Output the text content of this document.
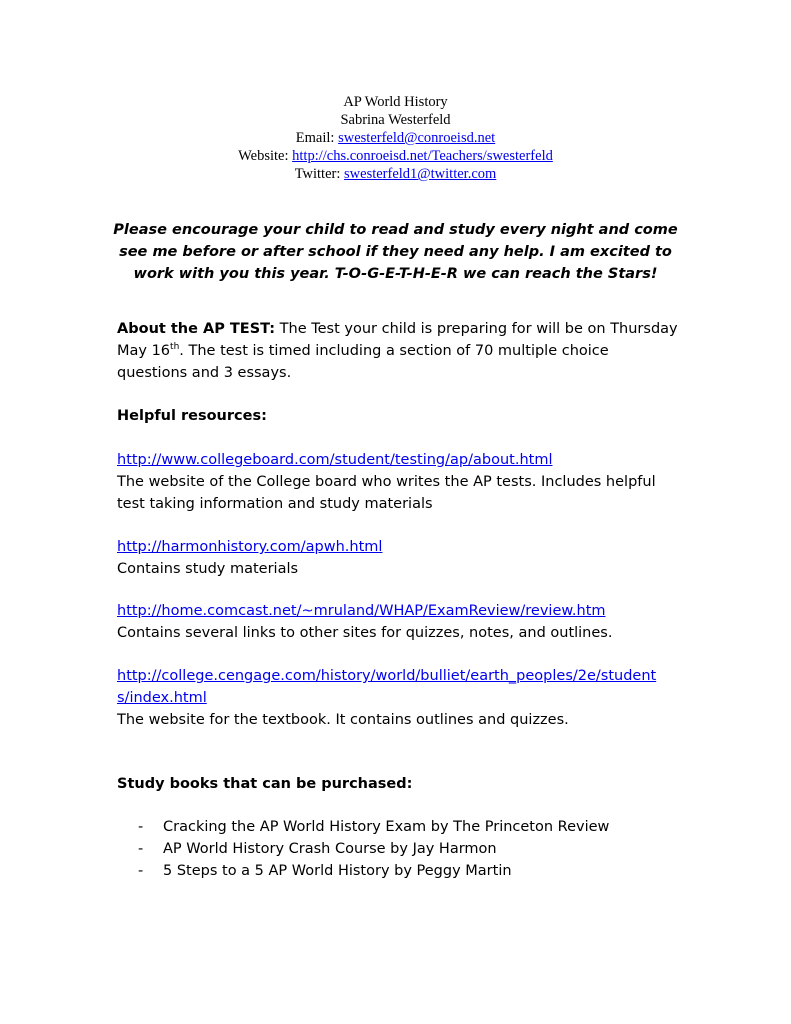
AP World History
Sabrina Westerfeld
Email: swesterfeld@conroeisd.net
Website: http://chs.conroeisd.net/Teachers/swesterfeld
Twitter: swesterfeld1@twitter.com
Please encourage your child to read and study every night and come see me before or after school if they need any help. I am excited to work with you this year. T-O-G-E-T-H-E-R we can reach the Stars!
About the AP TEST: The Test your child is preparing for will be on Thursday May 16th. The test is timed including a section of 70 multiple choice questions and 3 essays.
Helpful resources:
http://www.collegeboard.com/student/testing/ap/about.html
The website of the College board who writes the AP tests. Includes helpful test taking information and study materials
http://harmonhistory.com/apwh.html
Contains study materials
http://home.comcast.net/~mruland/WHAP/ExamReview/review.htm
Contains several links to other sites for quizzes, notes, and outlines.
http://college.cengage.com/history/world/bulliet/earth_peoples/2e/student
s/index.html
The website for the textbook. It contains outlines and quizzes.
Study books that can be purchased:
-	Cracking the AP World History Exam by The Princeton Review
-	AP World History Crash Course by Jay Harmon
-	5 Steps to a 5 AP World History by Peggy Martin
